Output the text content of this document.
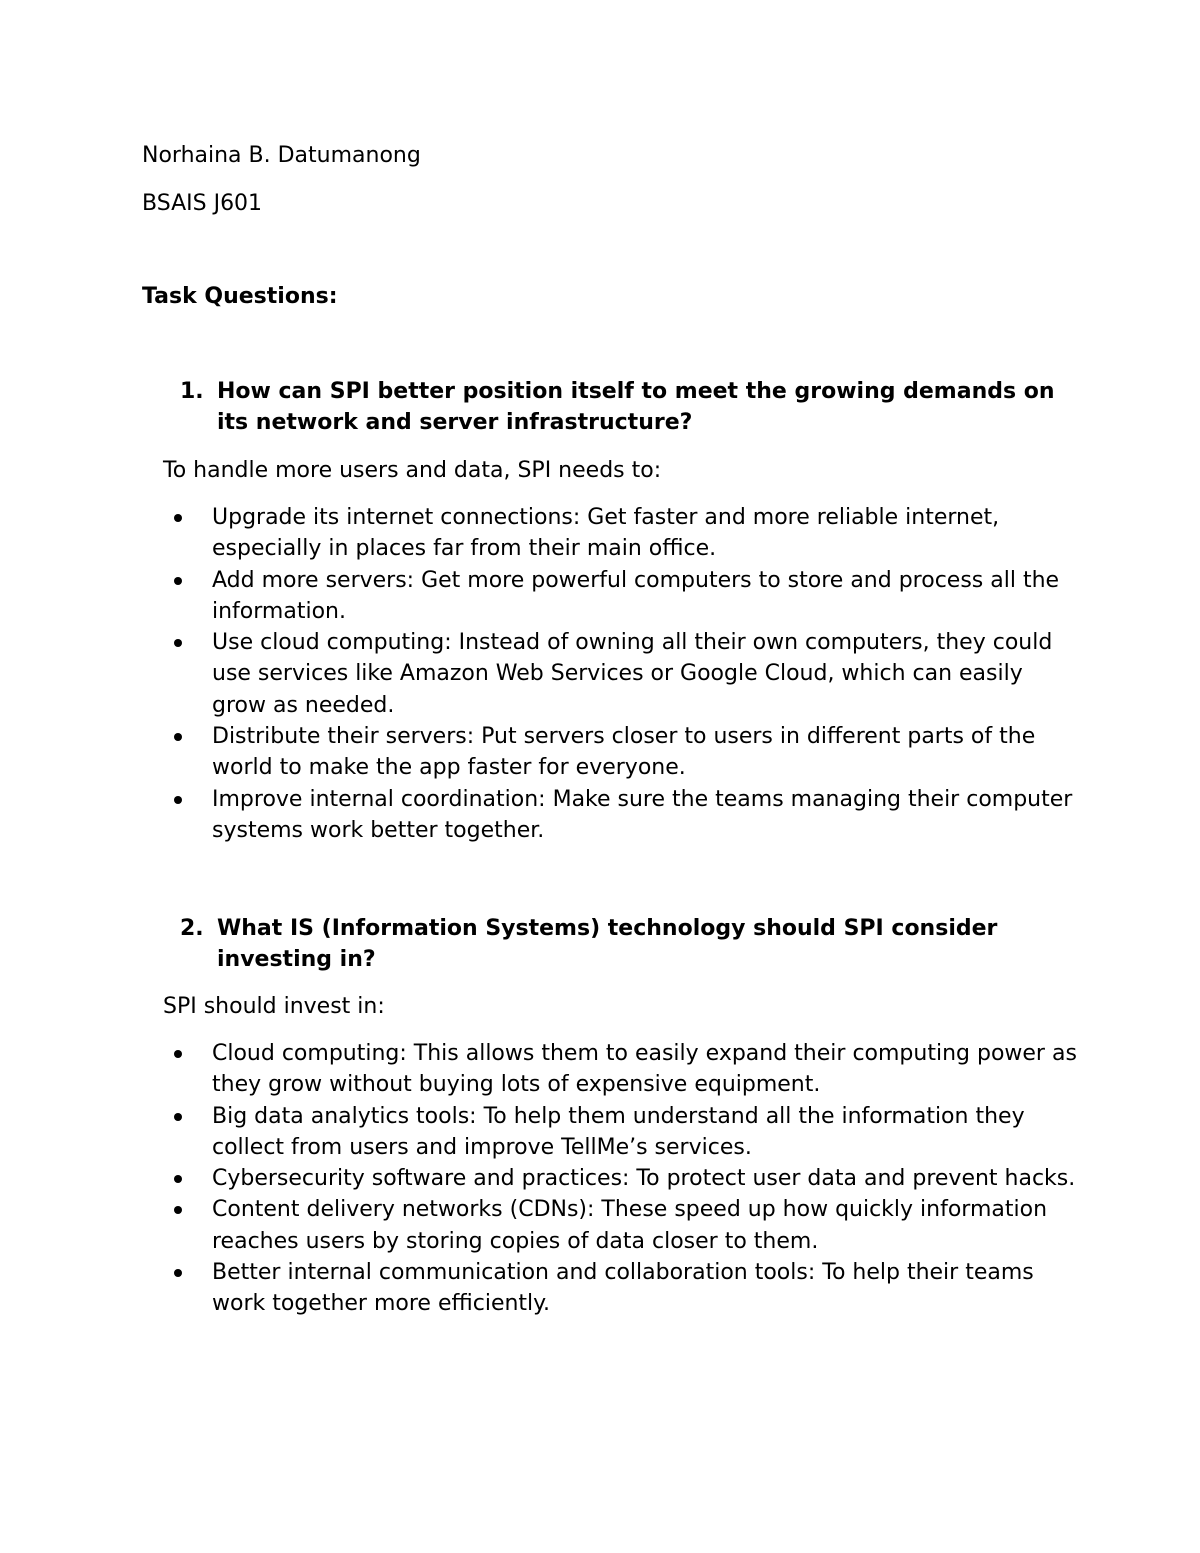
Norhaina B. Datumanong

BSAIS J601

Task Questions:

1. How can SPI better position itself to meet the growing demands on its network and server infrastructure?

To handle more users and data, SPI needs to:

Upgrade its internet connections: Get faster and more reliable internet, especially in places far from their main office.
Add more servers: Get more powerful computers to store and process all the information.
Use cloud computing: Instead of owning all their own computers, they could use services like Amazon Web Services or Google Cloud, which can easily grow as needed.
Distribute their servers: Put servers closer to users in different parts of the world to make the app faster for everyone.
Improve internal coordination: Make sure the teams managing their computer systems work better together.
2. What IS (Information Systems) technology should SPI consider investing in?

SPI should invest in:

Cloud computing: This allows them to easily expand their computing power as they grow without buying lots of expensive equipment.
Big data analytics tools: To help them understand all the information they collect from users and improve TellMe’s services.
Cybersecurity software and practices: To protect user data and prevent hacks.
Content delivery networks (CDNs): These speed up how quickly information reaches users by storing copies of data closer to them.
Better internal communication and collaboration tools: To help their teams work together more efficiently.
